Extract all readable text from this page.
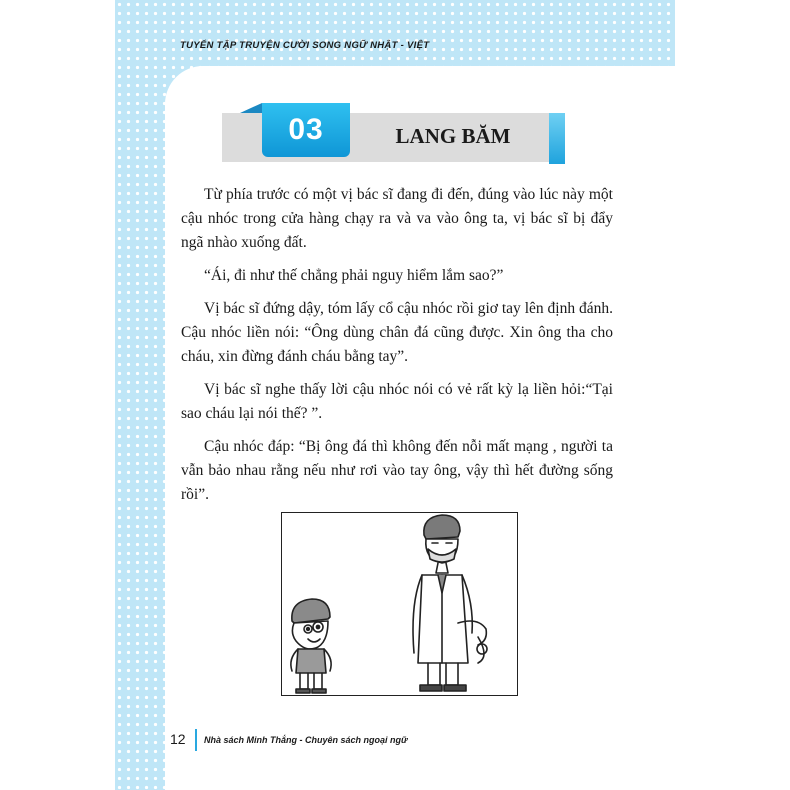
TUYỂN TẬP TRUYỆN CƯỜI SONG NGỮ NHẬT - VIỆT
03	LANG BĂM

Từ phía trước có một vị bác sĩ đang đi đến, đúng vào lúc này một cậu nhóc trong cửa hàng chạy ra và va vào ông ta, vị bác sĩ bị đẩy ngã nhào xuống đất.

“Ái, đi như thế chẳng phải nguy hiểm lắm sao?”

Vị bác sĩ đứng dậy, tóm lấy cổ cậu nhóc rồi giơ tay lên định đánh. Cậu nhóc liền nói: “Ông dùng chân đá cũng được. Xin ông tha cho cháu, xin đừng đánh cháu bằng tay”.

Vị bác sĩ nghe thấy lời cậu nhóc nói có vẻ rất kỳ lạ liền hỏi:“Tại sao cháu lại nói thế? ”.

Cậu nhóc đáp: “Bị ông đá thì không đến nỗi mất mạng , người ta vẫn bảo nhau rằng nếu như rơi vào tay ông, vậy thì hết đường sống rồi”.

12 Nhà sách Minh Thắng - Chuyên sách ngoại ngữ
